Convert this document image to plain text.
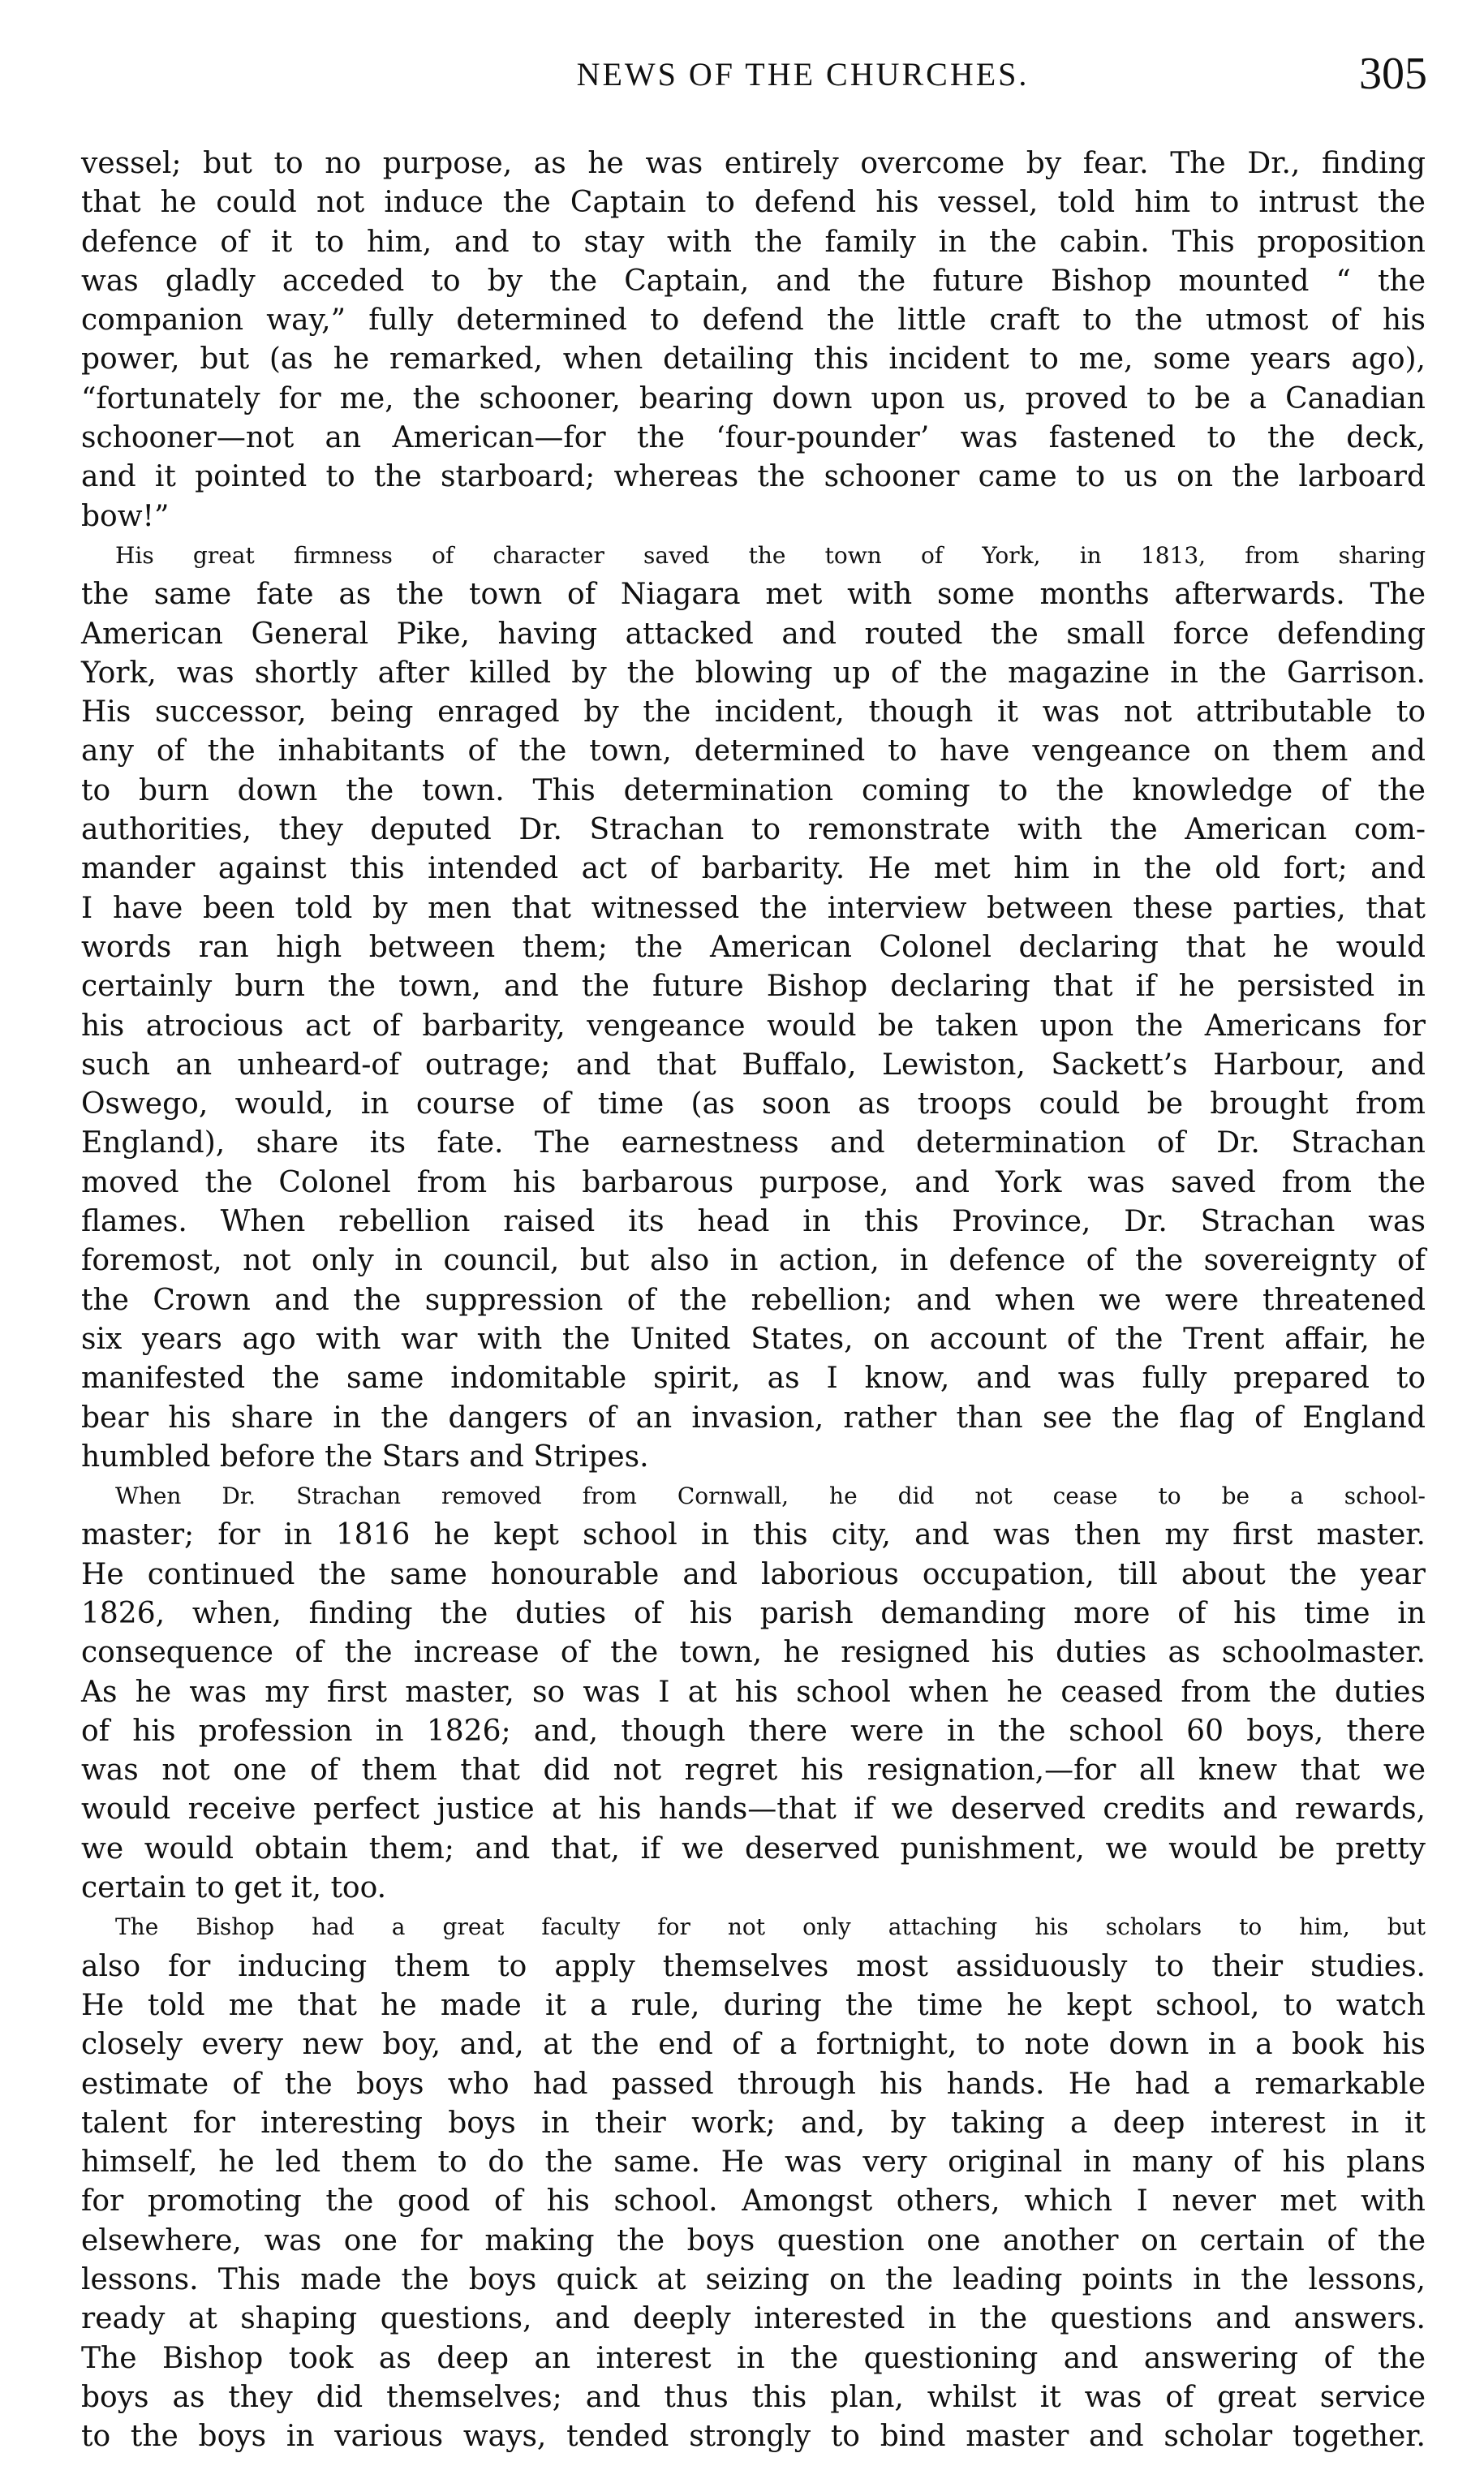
NEWS OF THE CHURCHES.	305

vessel; but to no purpose, as he was entirely overcome by fear. The Dr., finding
that he could not induce the Captain to defend his vessel, told him to intrust the
defence of it to him, and to stay with the family in the cabin. This proposition
was gladly acceded to by the Captain, and the future Bishop mounted “ the
companion way,” fully determined to defend the little craft to the utmost of his
power, but (as he remarked, when detailing this incident to me, some years ago),
“fortunately for me, the schooner, bearing down upon us, proved to be a Canadian
schooner—not an American—for the ‘four-pounder’ was fastened to the deck,
and it pointed to the starboard; whereas the schooner came to us on the larboard
bow!”

His great firmness of character saved the town of York, in 1813, from sharing
the same fate as the town of Niagara met with some months afterwards. The
American General Pike, having attacked and routed the small force defending
York, was shortly after killed by the blowing up of the magazine in the Garrison.
His successor, being enraged by the incident, though it was not attributable to
any of the inhabitants of the town, determined to have vengeance on them and
to burn down the town. This determination coming to the knowledge of the
authorities, they deputed Dr. Strachan to remonstrate with the American com-
mander against this intended act of barbarity. He met him in the old fort; and
I have been told by men that witnessed the interview between these parties, that
words ran high between them; the American Colonel declaring that he would
certainly burn the town, and the future Bishop declaring that if he persisted in
his atrocious act of barbarity, vengeance would be taken upon the Americans for
such an unheard-of outrage; and that Buffalo, Lewiston, Sackett’s Harbour, and
Oswego, would, in course of time (as soon as troops could be brought from
England), share its fate. The earnestness and determination of Dr. Strachan
moved the Colonel from his barbarous purpose, and York was saved from the
flames. When rebellion raised its head in this Province, Dr. Strachan was
foremost, not only in council, but also in action, in defence of the sovereignty of
the Crown and the suppression of the rebellion; and when we were threatened
six years ago with war with the United States, on account of the Trent affair, he
manifested the same indomitable spirit, as I know, and was fully prepared to
bear his share in the dangers of an invasion, rather than see the flag of England
humbled before the Stars and Stripes.

When Dr. Strachan removed from Cornwall, he did not cease to be a school-
master; for in 1816 he kept school in this city, and was then my first master.
He continued the same honourable and laborious occupation, till about the year
1826, when, finding the duties of his parish demanding more of his time in
consequence of the increase of the town, he resigned his duties as schoolmaster.
As he was my first master, so was I at his school when he ceased from the duties
of his profession in 1826; and, though there were in the school 60 boys, there
was not one of them that did not regret his resignation,—for all knew that we
would receive perfect justice at his hands—that if we deserved credits and rewards,
we would obtain them; and that, if we deserved punishment, we would be pretty
certain to get it, too.

The Bishop had a great faculty for not only attaching his scholars to him, but
also for inducing them to apply themselves most assiduously to their studies.
He told me that he made it a rule, during the time he kept school, to watch
closely every new boy, and, at the end of a fortnight, to note down in a book his
estimate of the boys who had passed through his hands. He had a remarkable
talent for interesting boys in their work; and, by taking a deep interest in it
himself, he led them to do the same. He was very original in many of his plans
for promoting the good of his school. Amongst others, which I never met with
elsewhere, was one for making the boys question one another on certain of the
lessons. This made the boys quick at seizing on the leading points in the lessons,
ready at shaping questions, and deeply interested in the questions and answers.
The Bishop took as deep an interest in the questioning and answering of the
boys as they did themselves; and thus this plan, whilst it was of great service
to the boys in various ways, tended strongly to bind master and scholar together.
